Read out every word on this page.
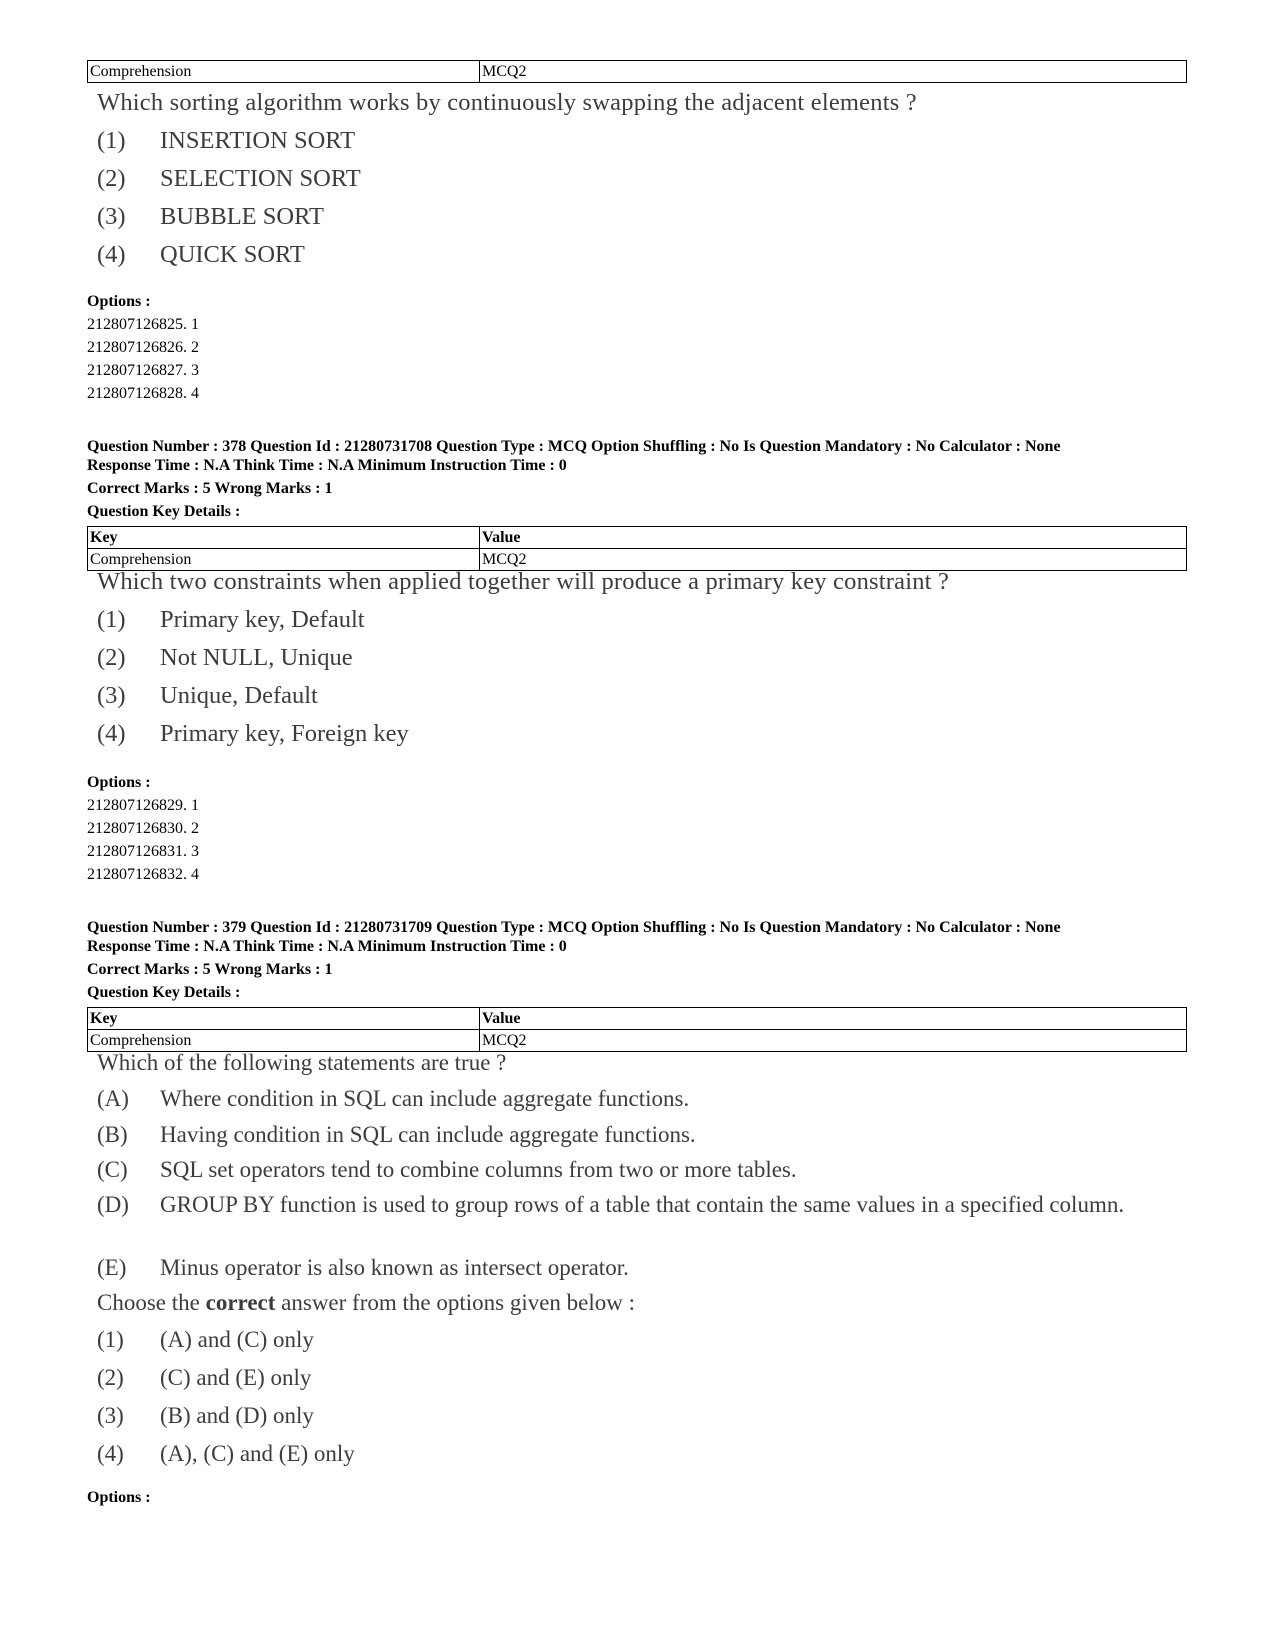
Comprehension	MCQ2
Which sorting algorithm works by continuously swapping the adjacent elements ?
(1) INSERTION SORT
(2) SELECTION SORT
(3) BUBBLE SORT
(4) QUICK SORT
Options :
212807126825. 1
212807126826. 2
212807126827. 3
212807126828. 4
Question Number : 378 Question Id : 21280731708 Question Type : MCQ Option Shuffling : No Is Question Mandatory : No Calculator : None
Response Time : N.A Think Time : N.A Minimum Instruction Time : 0
Correct Marks : 5 Wrong Marks : 1
Question Key Details :
Key	Value
Comprehension	MCQ2
Which two constraints when applied together will produce a primary key constraint ?
(1) Primary key, Default
(2) Not NULL, Unique
(3) Unique, Default
(4) Primary key, Foreign key
Options :
212807126829. 1
212807126830. 2
212807126831. 3
212807126832. 4
Question Number : 379 Question Id : 21280731709 Question Type : MCQ Option Shuffling : No Is Question Mandatory : No Calculator : None
Response Time : N.A Think Time : N.A Minimum Instruction Time : 0
Correct Marks : 5 Wrong Marks : 1
Question Key Details :
Key	Value
Comprehension	MCQ2
Which of the following statements are true ?
(A)	Where condition in SQL can include aggregate functions.
(B)	Having condition in SQL can include aggregate functions.
(C)	SQL set operators tend to combine columns from two or more tables.
(D)	GROUP BY function is used to group rows of a table that contain the same values in a specified column.
(E)	Minus operator is also known as intersect operator.
Choose the correct answer from the options given below :
(1) (A) and (C) only
(2) (C) and (E) only
(3) (B) and (D) only
(4) (A), (C) and (E) only
Options :
